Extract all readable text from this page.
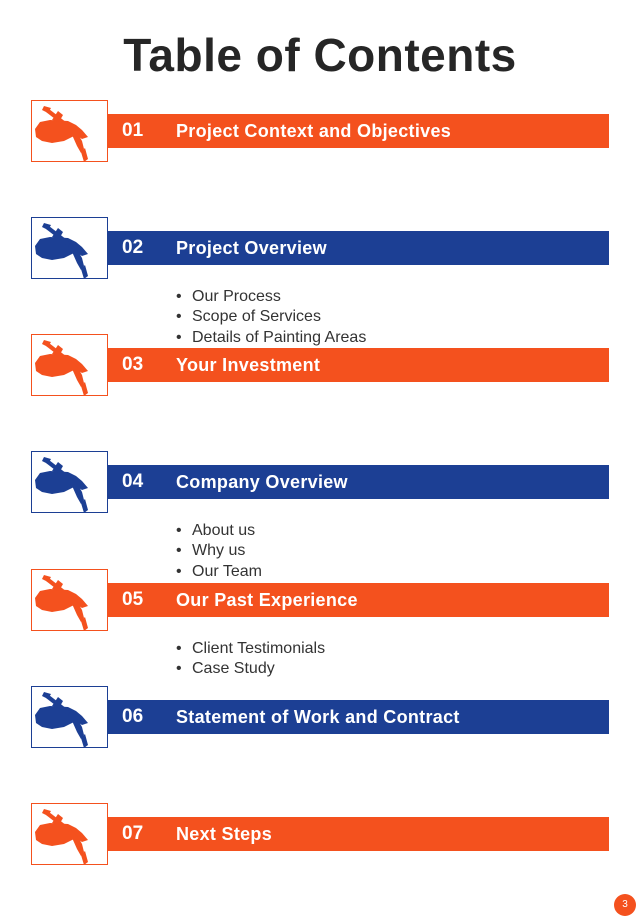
Table of Contents
01 Project Context and Objectives
02 Project Overview
• Our Process
• Scope of Services
• Details of Painting Areas
03 Your Investment
04 Company Overview
• About us
• Why us
• Our Team
05 Our Past Experience
• Client Testimonials
• Case Study
06 Statement of Work and Contract
07 Next Steps
3
